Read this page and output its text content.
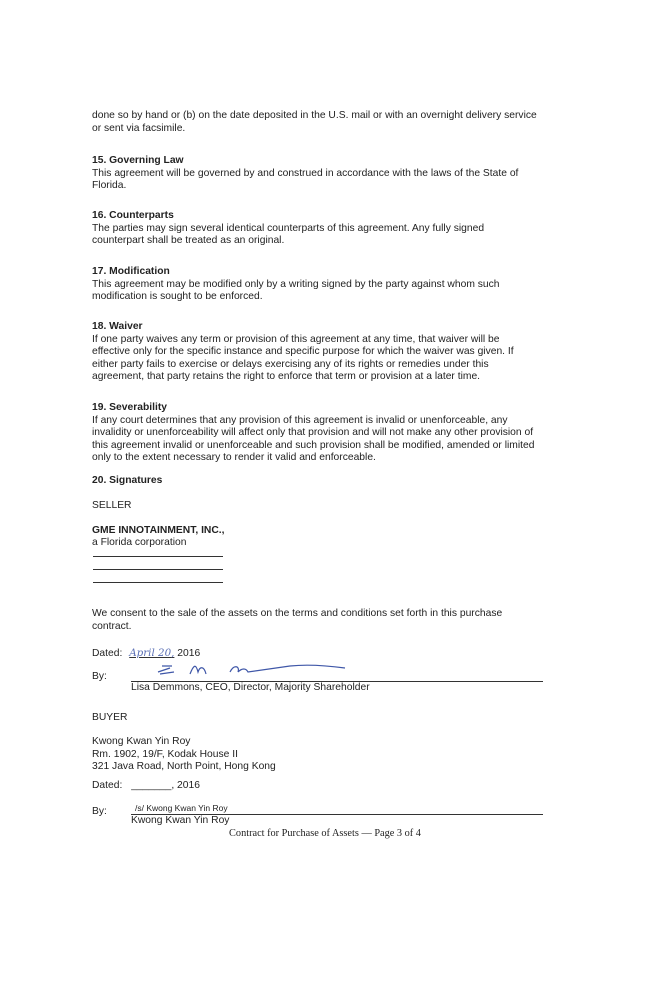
done so by hand or (b) on the date deposited in the U.S. mail or with an overnight delivery service
or sent via facsimile.
15. Governing Law
This agreement will be governed by and construed in accordance with the laws of the State of
Florida.
16. Counterparts
The parties may sign several identical counterparts of this agreement. Any fully signed
counterpart shall be treated as an original.
17. Modification
This agreement may be modified only by a writing signed by the party against whom such
modification is sought to be enforced.
18. Waiver
If one party waives any term or provision of this agreement at any time, that waiver will be
effective only for the specific instance and specific purpose for which the waiver was given. If
either party fails to exercise or delays exercising any of its rights or remedies under this
agreement, that party retains the right to enforce that term or provision at a later time.
19. Severability
If any court determines that any provision of this agreement is invalid or unenforceable, any
invalidity or unenforceability will affect only that provision and will not make any other provision of
this agreement invalid or unenforceable and such provision shall be modified, amended or limited
only to the extent necessary to render it valid and enforceable.
20. Signatures
SELLER
GME INNOTAINMENT, INC.,
a Florida corporation
We consent to the sale of the assets on the terms and conditions set forth in this purchase
contract.
Dated: April 20, 2016
By:
Lisa Demmons, CEO, Director, Majority Shareholder
BUYER
Kwong Kwan Yin Roy
Rm. 1902, 19/F, Kodak House II
321 Java Road, North Point, Hong Kong
Dated: _______, 2016
By:	/s/ Kwong Kwan Yin Roy
Kwong Kwan Yin Roy
Contract for Purchase of Assets — Page 3 of 4
